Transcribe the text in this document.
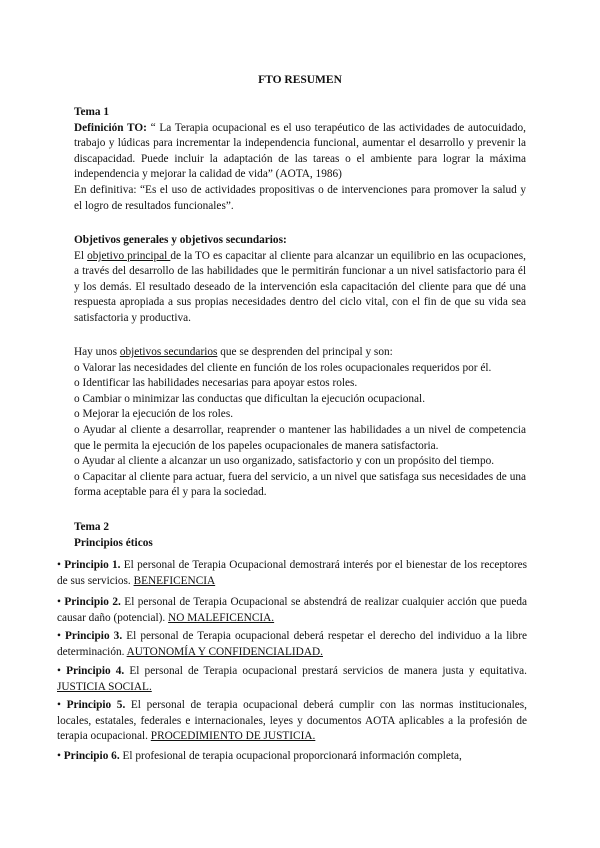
FTO RESUMEN

Tema 1

Definición TO: “ La Terapia ocupacional es el uso terapéutico de las actividades de autocuidado, trabajo y lúdicas para incrementar la independencia funcional, aumentar el desarrollo y prevenir la discapacidad. Puede incluir la adaptación de las tareas o el ambiente para lograr la máxima independencia y mejorar la calidad de vida” (AOTA, 1986)

En definitiva: “Es el uso de actividades propositivas o de intervenciones para promover la salud y el logro de resultados funcionales”.

Objetivos generales y objetivos secundarios:

El objetivo principal de la TO es capacitar al cliente para alcanzar un equilibrio en las ocupaciones, a través del desarrollo de las habilidades que le permitirán funcionar a un nivel satisfactorio para él y los demás. El resultado deseado de la intervención esla capacitación del cliente para que dé una respuesta apropiada a sus propias necesidades dentro del ciclo vital, con el fin de que su vida sea satisfactoria y productiva.

Hay unos objetivos secundarios que se desprenden del principal y son:

o Valorar las necesidades del cliente en función de los roles ocupacionales requeridos por él.

o Identificar las habilidades necesarias para apoyar estos roles.

o Cambiar o minimizar las conductas que dificultan la ejecución ocupacional.

o Mejorar la ejecución de los roles.

o Ayudar al cliente a desarrollar, reaprender o mantener las habilidades a un nivel de competencia que le permita la ejecución de los papeles ocupacionales de manera satisfactoria.

o Ayudar al cliente a alcanzar un uso organizado, satisfactorio y con un propósito del tiempo.

o Capacitar al cliente para actuar, fuera del servicio, a un nivel que satisfaga sus necesidades de una forma aceptable para él y para la sociedad.

Tema 2

Principios éticos

• Principio 1. El personal de Terapia Ocupacional demostrará interés por el bienestar de los receptores de sus servicios. BENEFICENCIA
• Principio 2. El personal de Terapia Ocupacional se abstendrá de realizar cualquier acción que pueda causar daño (potencial). NO MALEFICENCIA.
• Principio 3. El personal de Terapia ocupacional deberá respetar el derecho del individuo a la libre determinación. AUTONOMÍA Y CONFIDENCIALIDAD.
• Principio 4. El personal de Terapia ocupacional prestará servicios de manera justa y equitativa. JUSTICIA SOCIAL.
• Principio 5. El personal de terapia ocupacional deberá cumplir con las normas institucionales, locales, estatales, federales e internacionales, leyes y documentos AOTA aplicables a la profesión de terapia ocupacional. PROCEDIMIENTO DE JUSTICIA.
• Principio 6. El profesional de terapia ocupacional proporcionará información completa,
